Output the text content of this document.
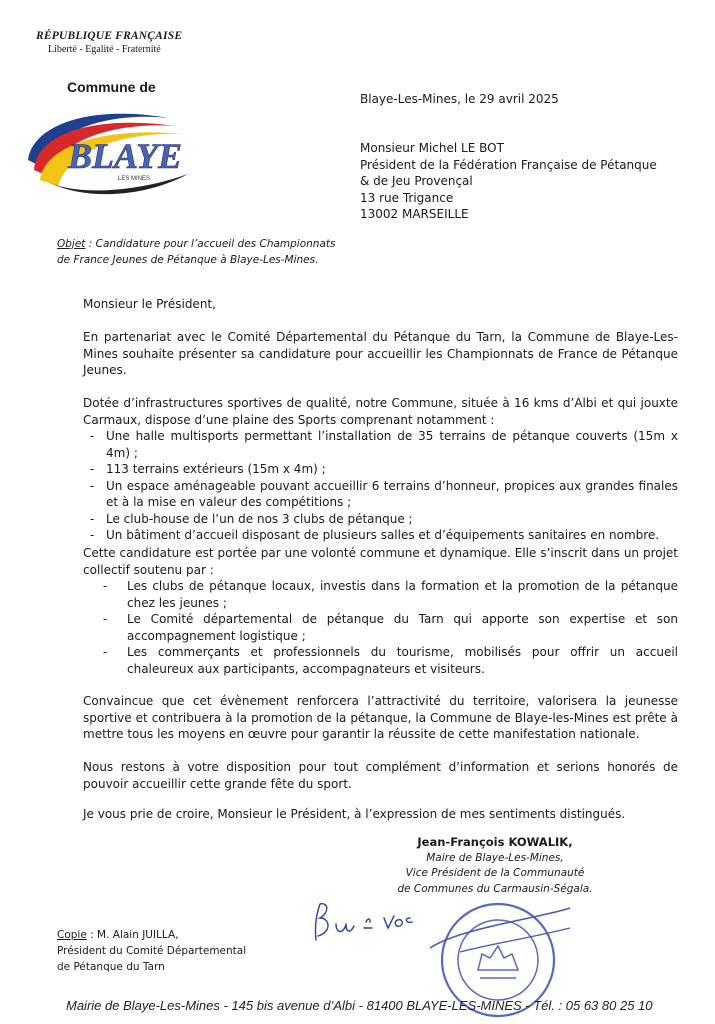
RÉPUBLIQUE FRANÇAISE
Liberté - Egalité - Fraternité
Commune de
BLAYE
LES MINES
Blaye-Les-Mines, le 29 avril 2025
Monsieur Michel LE BOT
Président de la Fédération Française de Pétanque
& de Jeu Provençal
13 rue Trigance
13002 MARSEILLE
Objet : Candidature pour l’accueil des Championnats
de France Jeunes de Pétanque à Blaye-Les-Mines.
Monsieur le Président,
En partenariat avec le Comité Départemental du Pétanque du Tarn, la Commune de Blaye-Les-Mines souhaite présenter sa candidature pour accueillir les Championnats de France de Pétanque Jeunes.

Dotée d’infrastructures sportives de qualité, notre Commune, située à 16 kms d’Albi et qui jouxte Carmaux, dispose d’une plaine des Sports comprenant notamment :

- Une halle multisports permettant l’installation de 35 terrains de pétanque couverts (15m x 4m) ;
- 113 terrains extérieurs (15m x 4m) ;
- Un espace aménageable pouvant accueillir 6 terrains d’honneur, propices aux grandes finales et à la mise en valeur des compétitions ;
- Le club-house de l’un de nos 3 clubs de pétanque ;
- Un bâtiment d’accueil disposant de plusieurs salles et d’équipements sanitaires en nombre.

Cette candidature est portée par une volonté commune et dynamique. Elle s’inscrit dans un projet collectif soutenu par :

- Les clubs de pétanque locaux, investis dans la formation et la promotion de la pétanque chez les jeunes ;
- Le Comité départemental de pétanque du Tarn qui apporte son expertise et son accompagnement logistique ;
- Les commerçants et professionnels du tourisme, mobilisés pour offrir un accueil chaleureux aux participants, accompagnateurs et visiteurs.
Convaincue que cet évènement renforcera l’attractivité du territoire, valorisera la jeunesse sportive et contribuera à la promotion de la pétanque, la Commune de Blaye-les-Mines est prête à mettre tous les moyens en œuvre pour garantir la réussite de cette manifestation nationale.
Nous restons à votre disposition pour tout complément d’information et serions honorés de pouvoir accueillir cette grande fête du sport.
Je vous prie de croire, Monsieur le Président, à l’expression de mes sentiments distingués.
Jean-François KOWALIK,
Maire de Blaye-Les-Mines,
Vice Président de la Communauté
de Communes du Carmausin-Ségala.
Copie : M. Alain JUILLA,
Président du Comité Départemental
de Pétanque du Tarn
Mairie de Blaye-Les-Mines - 145 bis avenue d’Albi - 81400 BLAYE-LES-MINES - Tél. : 05 63 80 25 10
